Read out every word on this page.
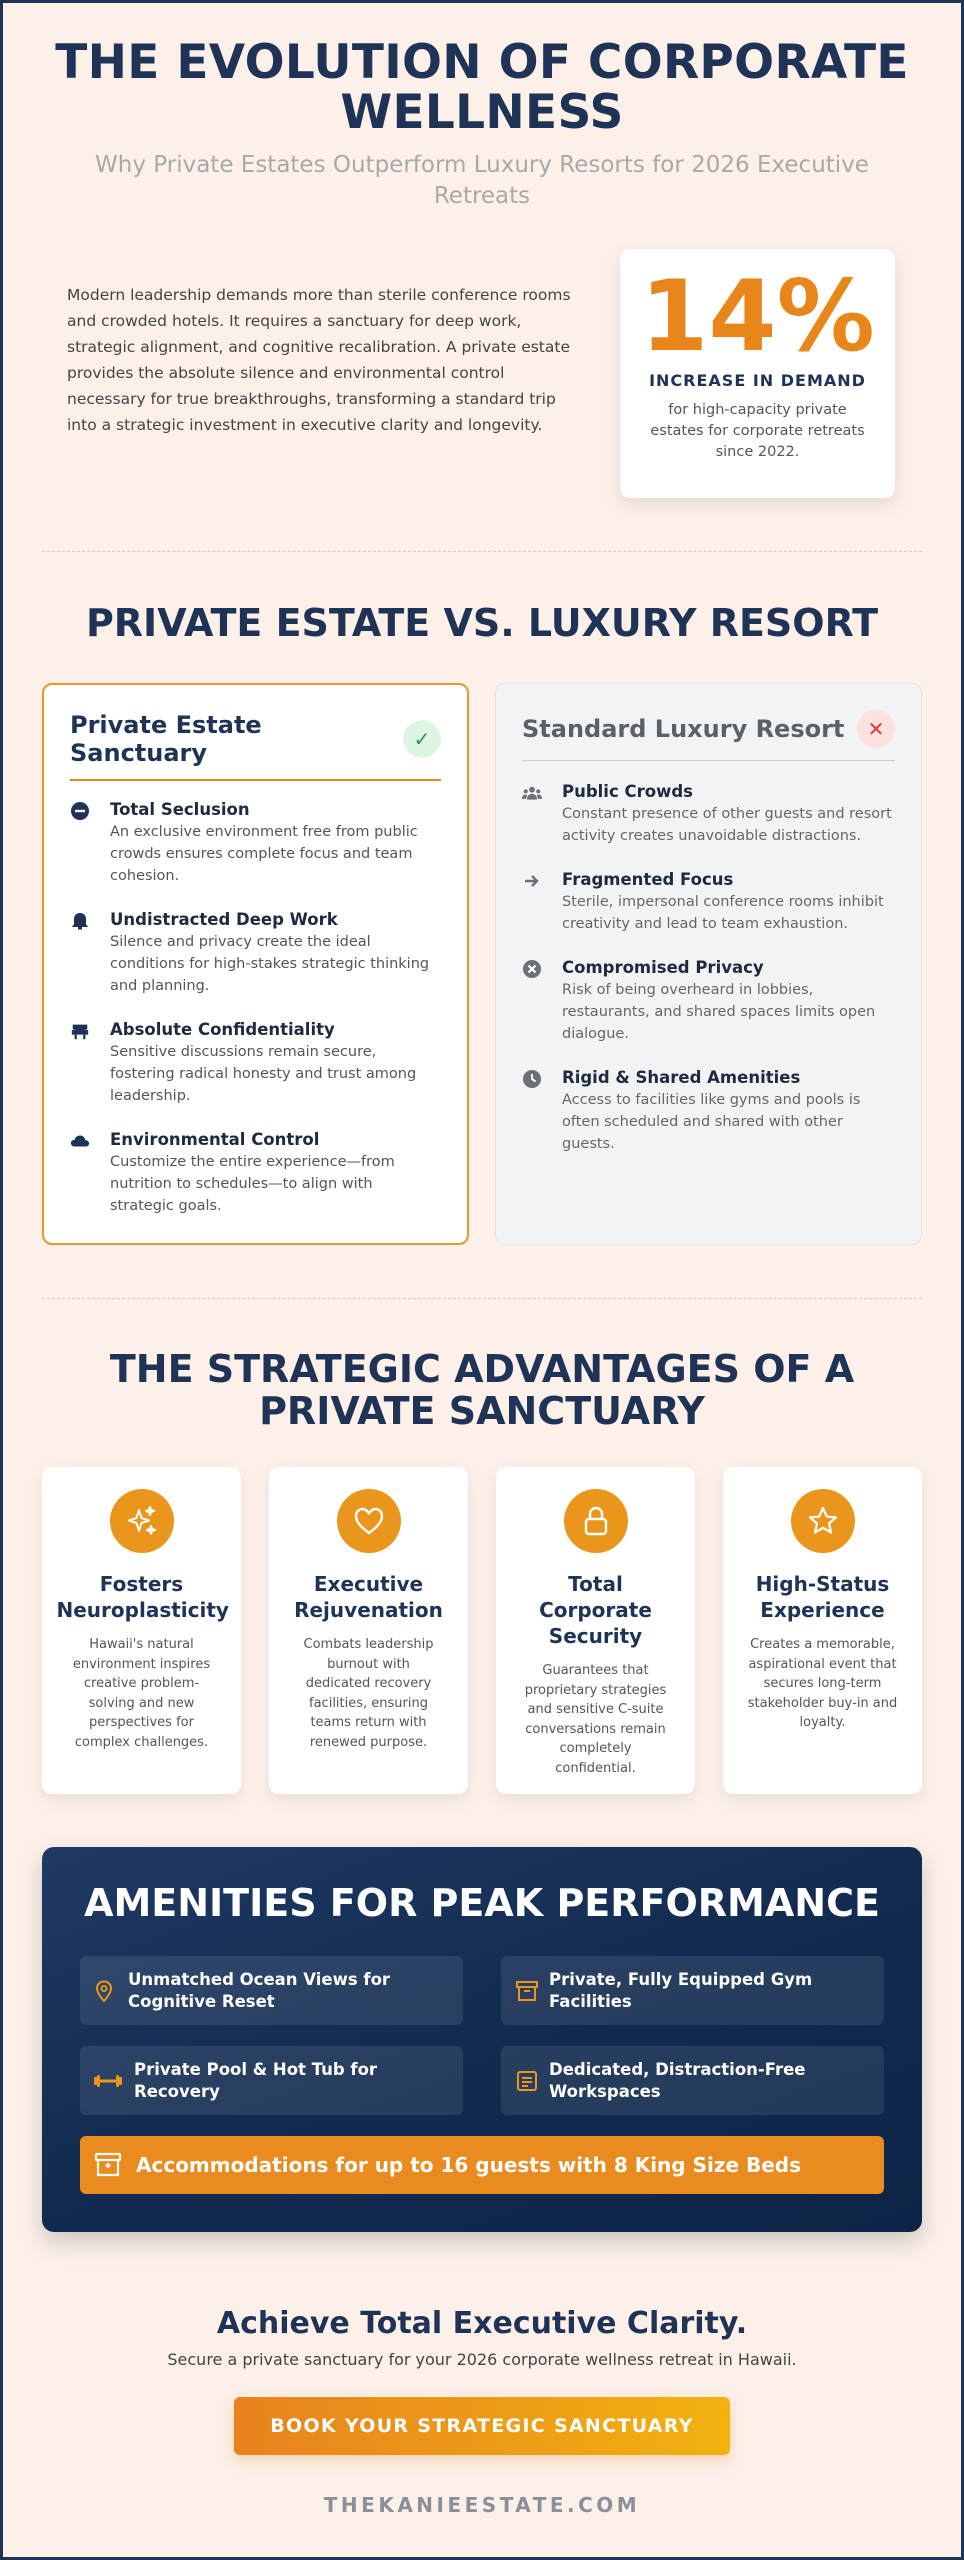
THE EVOLUTION OF CORPORATE WELLNESS
Why Private Estates Outperform Luxury Resorts for 2026 Executive Retreats

Modern leadership demands more than sterile conference rooms and crowded hotels. It requires a sanctuary for deep work, strategic alignment, and cognitive recalibration. A private estate provides the absolute silence and environmental control necessary for true breakthroughs, transforming a standard trip into a strategic investment in executive clarity and longevity.

14%
INCREASE IN DEMAND
for high-capacity private estates for corporate retreats since 2022.
PRIVATE ESTATE VS. LUXURY RESORT
Private Estate Sanctuary	✓
Total Seclusion
An exclusive environment free from public crowds ensures complete focus and team cohesion.
Undistracted Deep Work
Silence and privacy create the ideal conditions for high-stakes strategic thinking and planning.
Absolute Confidentiality
Sensitive discussions remain secure, fostering radical honesty and trust among leadership.
Environmental Control
Customize the entire experience—from nutrition to schedules—to align with strategic goals.
Standard Luxury Resort	✕
Public Crowds
Constant presence of other guests and resort activity creates unavoidable distractions.
Fragmented Focus
Sterile, impersonal conference rooms inhibit creativity and lead to team exhaustion.
Compromised Privacy
Risk of being overheard in lobbies, restaurants, and shared spaces limits open dialogue.
Rigid & Shared Amenities
Access to facilities like gyms and pools is often scheduled and shared with other guests.
THE STRATEGIC ADVANTAGES OF A PRIVATE SANCTUARY
Fosters Neuroplasticity
Hawaii's natural environment inspires creative problem-solving and new perspectives for complex challenges.
Executive Rejuvenation
Combats leadership burnout with dedicated recovery facilities, ensuring teams return with renewed purpose.
Total Corporate Security
Guarantees that proprietary strategies and sensitive C-suite conversations remain completely confidential.
High-Status Experience
Creates a memorable, aspirational event that secures long-term stakeholder buy-in and loyalty.
AMENITIES FOR PEAK PERFORMANCE
Unmatched Ocean Views for Cognitive Reset
Private, Fully Equipped Gym Facilities
Private Pool & Hot Tub for Recovery
Dedicated, Distraction-Free Workspaces
Accommodations for up to 16 guests with 8 King Size Beds
Achieve Total Executive Clarity.
Secure a private sanctuary for your 2026 corporate wellness retreat in Hawaii.
BOOK YOUR STRATEGIC SANCTUARY
THEKANIEESTATE.COM
